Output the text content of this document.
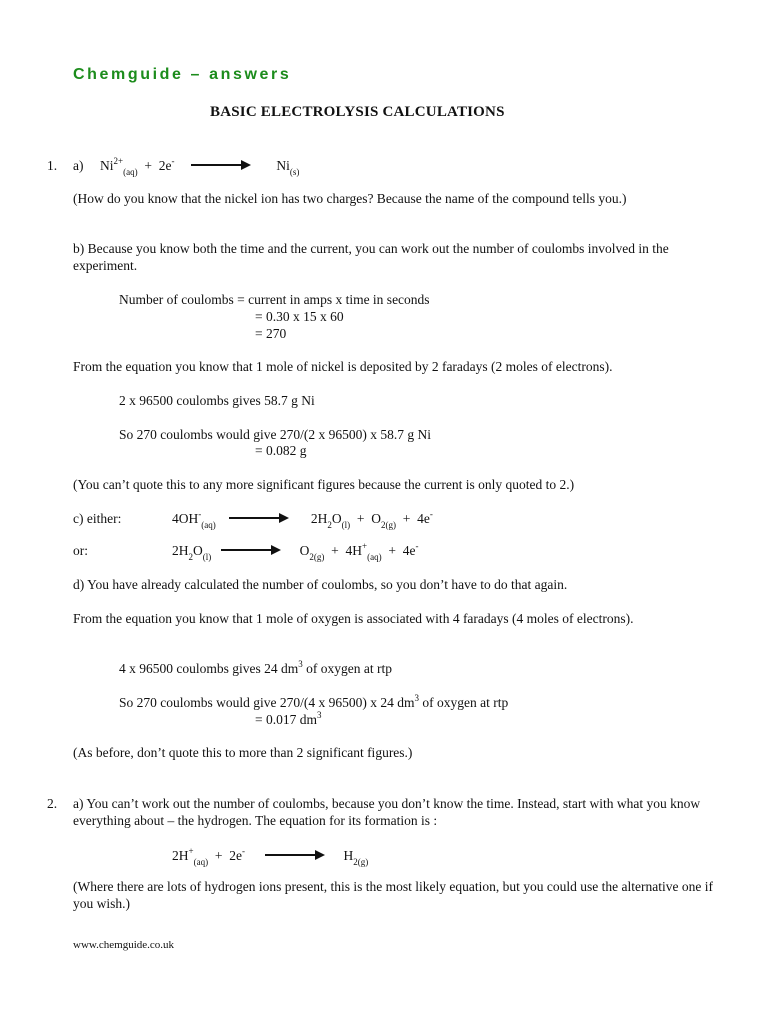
Chemguide – answers
BASIC ELECTROLYSIS CALCULATIONS
1. a) $Ni^{2+}_{(aq)} + 2e^-$	$Ni_{(s)}$
(How do you know that the nickel ion has two charges? Because the name of the compound tells you.)
b) Because you know both the time and the current, you can work out the number of coulombs involved in the experiment.
Number of coulombs = current in amps x time in seconds
= 0.30 x 15 x 60
= 270
From the equation you know that 1 mole of nickel is deposited by 2 faradays (2 moles of electrons).
2 x 96500 coulombs gives 58.7 g Ni
So 270 coulombs would give 270/(2 x 96500) x 58.7 g Ni
= 0.082 g
(You can’t quote this to any more significant figures because the current is only quoted to 2.)
c) either:	$4OH^-_{(aq)}$	$2H_2O_{(l)} + O_{2(g)} + 4e^-$
or:	$2H_2O_{(l)}$	$O_{2(g)} + 4H^+_{(aq)} + 4e^-$
d) You have already calculated the number of coulombs, so you don’t have to do that again.
From the equation you know that 1 mole of oxygen is associated with 4 faradays (4 moles of electrons).
4 x 96500 coulombs gives 24 $dm^3$ of oxygen at rtp
So 270 coulombs would give 270/(4 x 96500) x 24 $dm^3$ of oxygen at rtp
= 0.017 $dm^3$
(As before, don’t quote this to more than 2 significant figures.)
2. a) You can’t work out the number of coulombs, because you don’t know the time. Instead, start with what you know everything about – the hydrogen. The equation for its formation is :
$2H^+_{(aq)} + 2e^-$	$H_{2(g)}$
(Where there are lots of hydrogen ions present, this is the most likely equation, but you could use the alternative one if you wish.)
www.chemguide.co.uk
